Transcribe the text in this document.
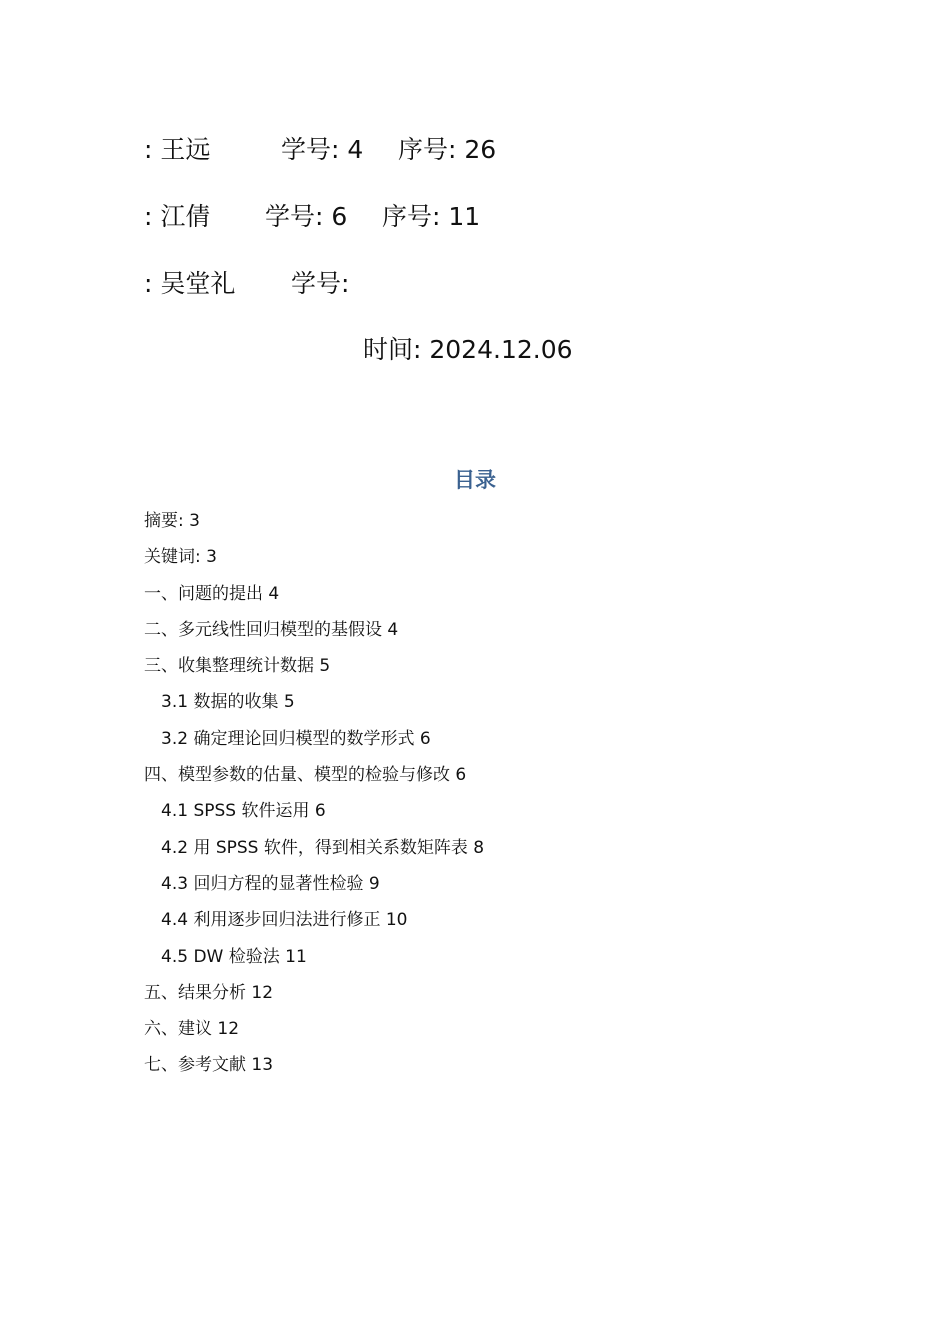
: 王远	学号: 4 序号: 26
: 江倩 学号: 6 序号: 11
: 吴堂礼 学号:
时间: 2024.12.06
目录
摘要: 3
关键词: 3
一、问题的提出 4
二、多元线性回归模型的基假设 4
三、收集整理统计数据 5
3.1 数据的收集 5
3.2 确定理论回归模型的数学形式 6
四、模型参数的估量、模型的检验与修改 6
4.1 SPSS 软件运用 6
4.2 用 SPSS 软件，得到相关系数矩阵表 8
4.3 回归方程的显著性检验 9
4.4 利用逐步回归法进行修正 10
4.5 DW 检验法 11
五、结果分析 12
六、建议 12
七、参考文献 13
